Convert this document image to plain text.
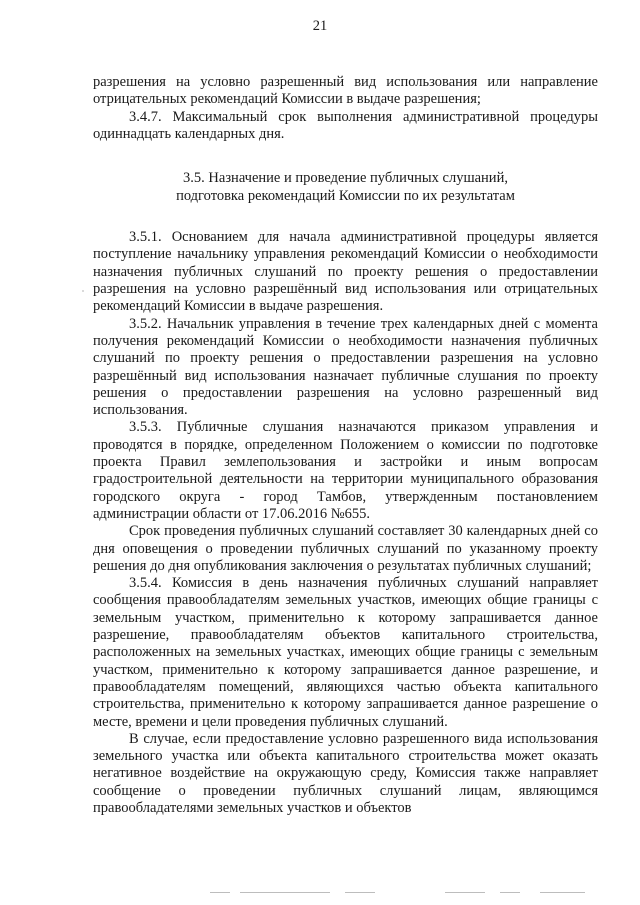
21

разрешения на условно разрешенный вид использования или направление отрицательных рекомендаций Комиссии в выдаче разрешения;

3.4.7. Максимальный срок выполнения административной процедуры одиннадцать календарных дня.

3.5. Назначение и проведение публичных слушаний,
подготовка рекомендаций Комиссии по их результатам

3.5.1. Основанием для начала административной процедуры является поступление начальнику управления рекомендаций Комиссии о необходимости назначения публичных слушаний по проекту решения о предоставлении разрешения на условно разрешённый вид использования или отрицательных рекомендаций Комиссии в выдаче разрешения.

3.5.2. Начальник управления в течение трех календарных дней с момента получения рекомендаций Комиссии о необходимости назначения публичных слушаний по проекту решения о предоставлении разрешения на условно разрешённый вид использования назначает публичные слушания по проекту решения о предоставлении разрешения на условно разрешенный вид использования.

3.5.3. Публичные слушания назначаются приказом управления и проводятся в порядке, определенном Положением о комиссии по подготовке проекта Правил землепользования и застройки и иным вопросам градостроительной деятельности на территории муниципального образования городского округа - город Тамбов, утвержденным постановлением администрации области от 17.06.2016 №655.

Срок проведения публичных слушаний составляет 30 календарных дней со дня оповещения о проведении публичных слушаний по указанному проекту решения до дня опубликования заключения о результатах публичных слушаний;

3.5.4. Комиссия в день назначения публичных слушаний направляет сообщения правообладателям земельных участков, имеющих общие границы с земельным участком, применительно к которому запрашивается данное разрешение, правообладателям объектов капитального строительства, расположенных на земельных участках, имеющих общие границы с земельным участком, применительно к которому запрашивается данное разрешение, и правообладателям помещений, являющихся частью объекта капитального строительства, применительно к которому запрашивается данное разрешение о месте, времени и цели проведения публичных слушаний.

В случае, если предоставление условно разрешенного вида использования земельного участка или объекта капитального строительства может оказать негативное воздействие на окружающую среду, Комиссия также направляет сообщение о проведении публичных слушаний лицам, являющимся правообладателями земельных участков и объектов
